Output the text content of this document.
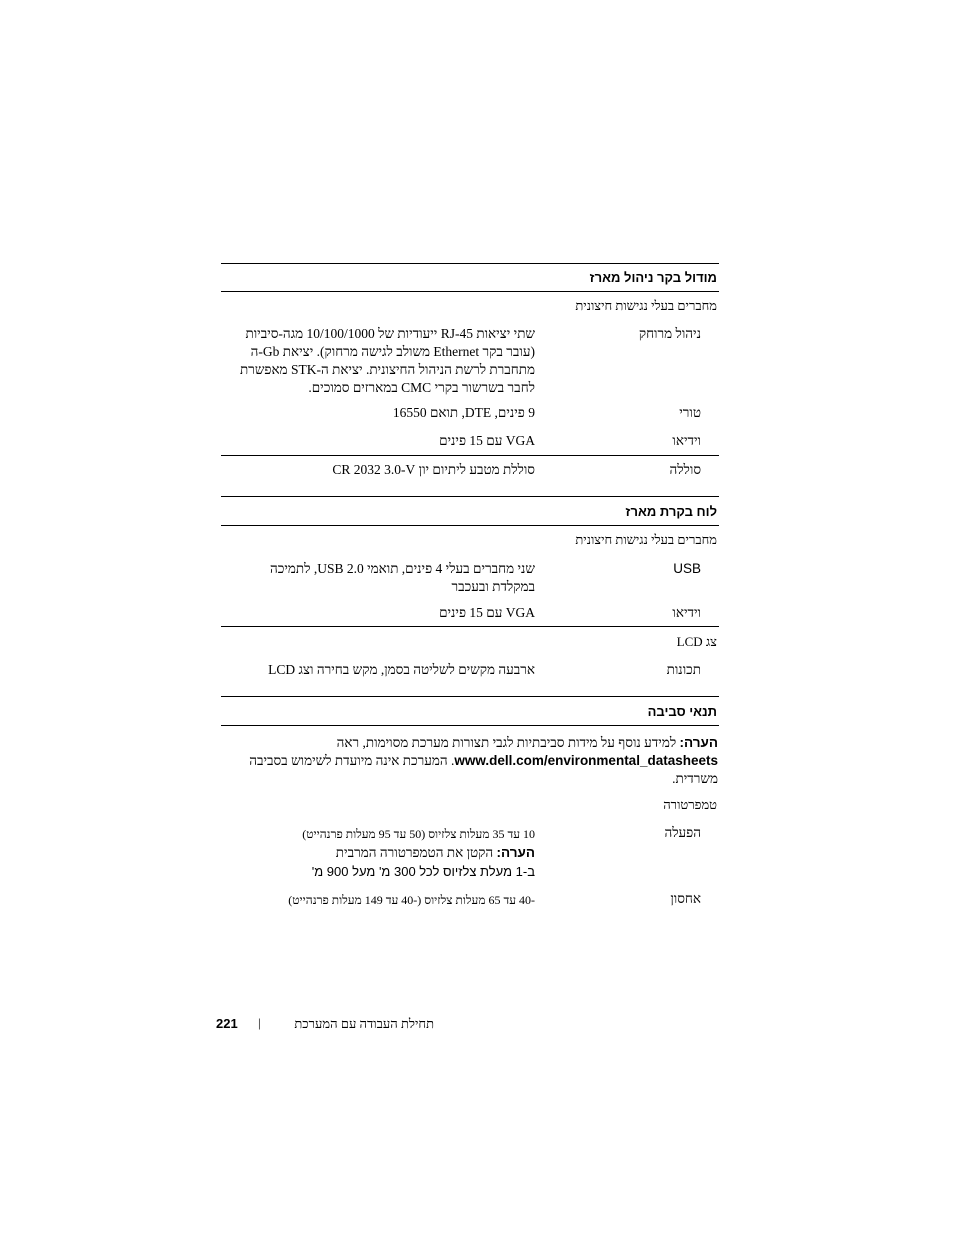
מודול בקר ניהול מארז
מחברים בעלי נגישות חיצונית
ניהול מרוחק
שתי יציאות RJ-45 ייעודיות של 10/100/1000 מגה-סיביות (עובר בקר Ethernet משולב לגישה מרחוק). יציאת Gb-ה מתחברת לרשת הניהול החיצונית. יציאת ה-STK מאפשרת לחבר בשרשור בקרי CMC במארזים סמוכים.
טורי
9 פינים, DTE, תואם 16550
וידיאו
VGA עם 15 פינים
סוללה
סוללת מטבע ליתיום יון CR 2032 3.0-V
לוח בקרת מארז
מחברים בעלי נגישות חיצונית
USB
שני מחברים בעלי 4 פינים, תואמי USB 2.0, לתמיכה במקלדת ובעכבר
וידיאו
VGA עם 15 פינים
צג LCD
תכונות
ארבעה מקשים לשליטה בסמן, מקש בחירה וצג LCD
תנאי סביבה
הערה: למידע נוסף על מידות סביבתיות לגבי תצורות מערכת מסוימות, ראה www.dell.com/environmental_datasheets. המערכת אינה מיועדת לשימוש בסביבה משרדית.
טמפרטורה
הפעלה
10 עד 35 מעלות צלזיוס (50 עד 95 מעלות פרנהייט)
הערה: הקטן את הטמפרטורה המרבית
ב-1 מעלת צלזיוס לכל 300 מ' מעל 900 מ'
אחסון
-40 עד 65 מעלות צלזיוס (-40 עד 149 מעלות פרנהייט)
תחילת העבודה עם המערכת
|
221
